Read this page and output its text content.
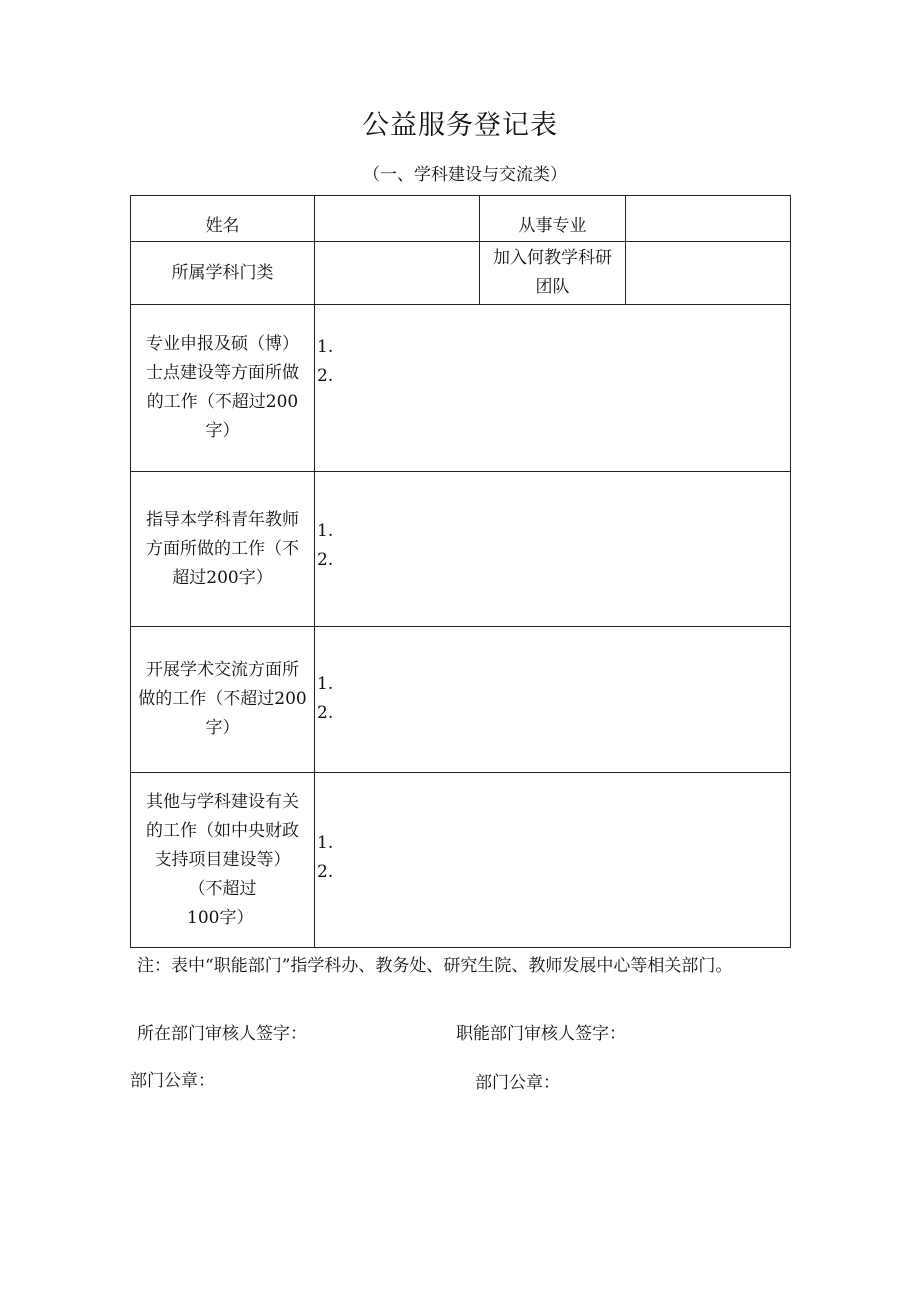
公益服务登记表
（一、学科建设与交流类）
姓名		从事专业	
所属学科门类		加入何教学科研
团队	

专业申报及硕（博）
士点建设等方面所做
的工作（不超过200
字）	1.
2.		

指导本学科青年教师
方面所做的工作（不
超过200字）	1.
2.		

开展学术交流方面所
做的工作（不超过200
字）	1.
2.		

其他与学科建设有关
的工作（如中央财政
支持项目建设等）
（不超过
100字）	1.
2.		
注：表中“职能部门”指学科办、教务处、研究生院、教师发展中心等相关部门。
所在部门审核人签字：	职能部门审核人签字：
部门公章：	部门公章：
